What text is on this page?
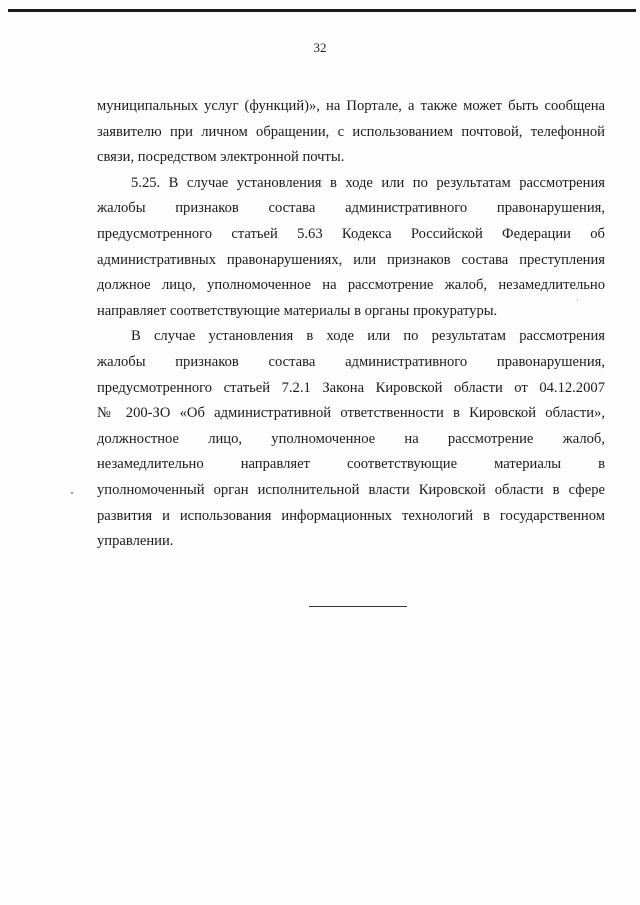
32
муниципальных услуг (функций)», на Портале, а также может быть сообщена
заявителю при личном обращении, с использованием почтовой, телефонной
связи, посредством электронной почты.
5.25. В случае установления в ходе или по результатам рассмотрения
жалобы признаков состава административного правонарушения,
предусмотренного статьей 5.63 Кодекса Российской Федерации об
административных правонарушениях, или признаков состава преступления
должное лицо, уполномоченное на рассмотрение жалоб, незамедлительно
направляет соответствующие материалы в органы прокуратуры.
В случае установления в ходе или по результатам рассмотрения
жалобы признаков состава административного правонарушения,
предусмотренного статьей 7.2.1 Закона Кировской области от 04.12.2007
№ 200-ЗО «Об административной ответственности в Кировской области»,
должностное лицо, уполномоченное на рассмотрение жалоб,
незамедлительно направляет соответствующие материалы в
уполномоченный орган исполнительной власти Кировской области в сфере
развития и использования информационных технологий в государственном
управлении.
